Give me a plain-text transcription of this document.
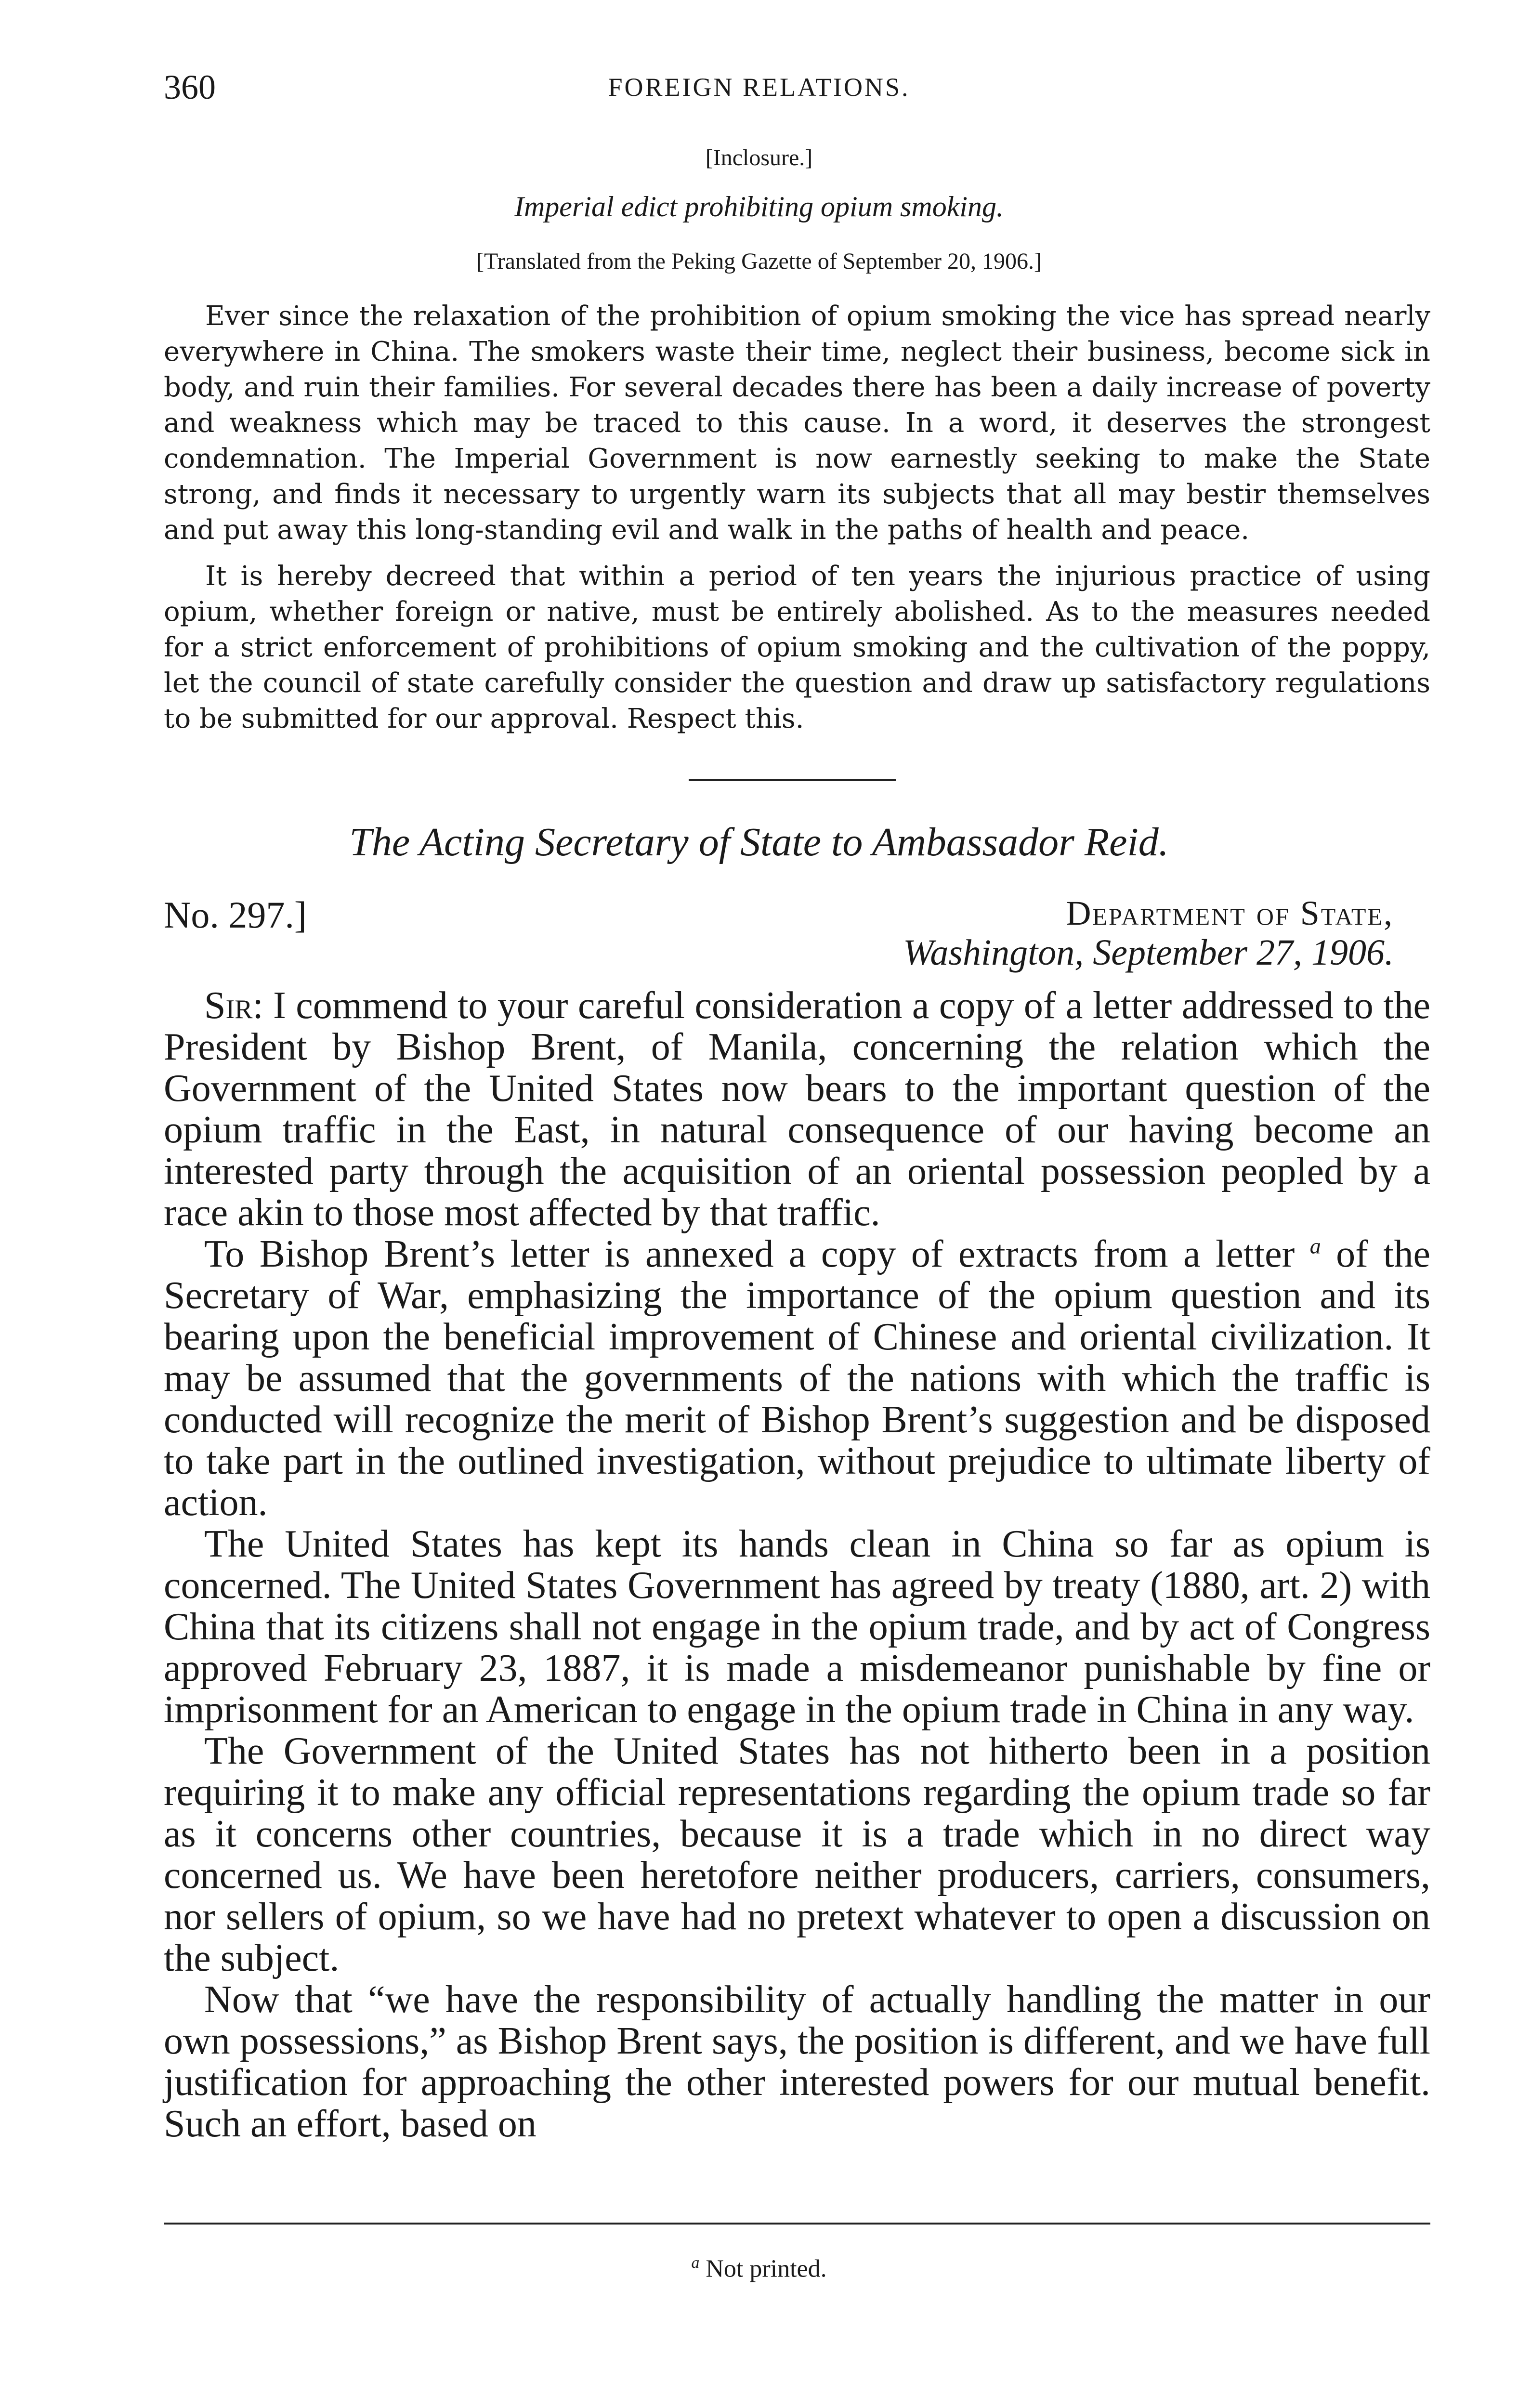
360	FOREIGN RELATIONS.
[Inclosure.]
Imperial edict prohibiting opium smoking.
[Translated from the Peking Gazette of September 20, 1906.]

Ever since the relaxation of the prohibition of opium smoking the vice has spread nearly everywhere in China. The smokers waste their time, neglect their business, become sick in body, and ruin their families. For several decades there has been a daily increase of poverty and weakness which may be traced to this cause. In a word, it deserves the strongest condemnation. The Imperial Government is now earnestly seeking to make the State strong, and finds it necessary to urgently warn its subjects that all may bestir themselves and put away this long-standing evil and walk in the paths of health and peace.

It is hereby decreed that within a period of ten years the injurious practice of using opium, whether foreign or native, must be entirely abolished. As to the measures needed for a strict enforcement of prohibitions of opium smoking and the cultivation of the poppy, let the council of state carefully consider the question and draw up satisfactory regulations to be submitted for our approval. Respect this.

The Acting Secretary of State to Ambassador Reid.
No. 297.]	Department of State,
Washington, September 27, 1906.

Sir: I commend to your careful consideration a copy of a letter addressed to the President by Bishop Brent, of Manila, concerning the relation which the Government of the United States now bears to the important question of the opium traffic in the East, in natural consequence of our having become an interested party through the acquisition of an oriental possession peopled by a race akin to those most affected by that traffic.

To Bishop Brent’s letter is annexed a copy of extracts from a letter $^a$ of the Secretary of War, emphasizing the importance of the opium question and its bearing upon the beneficial improvement of Chinese and oriental civilization. It may be assumed that the governments of the nations with which the traffic is conducted will recognize the merit of Bishop Brent’s suggestion and be disposed to take part in the outlined investigation, without prejudice to ultimate liberty of action.

The United States has kept its hands clean in China so far as opium is concerned. The United States Government has agreed by treaty (1880, art. 2) with China that its citizens shall not engage in the opium trade, and by act of Congress approved February 23, 1887, it is made a misdemeanor punishable by fine or imprisonment for an American to engage in the opium trade in China in any way.

The Government of the United States has not hitherto been in a position requiring it to make any official representations regarding the opium trade so far as it concerns other countries, because it is a trade which in no direct way concerned us. We have been heretofore neither producers, carriers, consumers, nor sellers of opium, so we have had no pretext whatever to open a discussion on the subject.

Now that “we have the responsibility of actually handling the matter in our own possessions,” as Bishop Brent says, the position is different, and we have full justification for approaching the other interested powers for our mutual benefit. Such an effort, based on

$^a$ Not printed.
